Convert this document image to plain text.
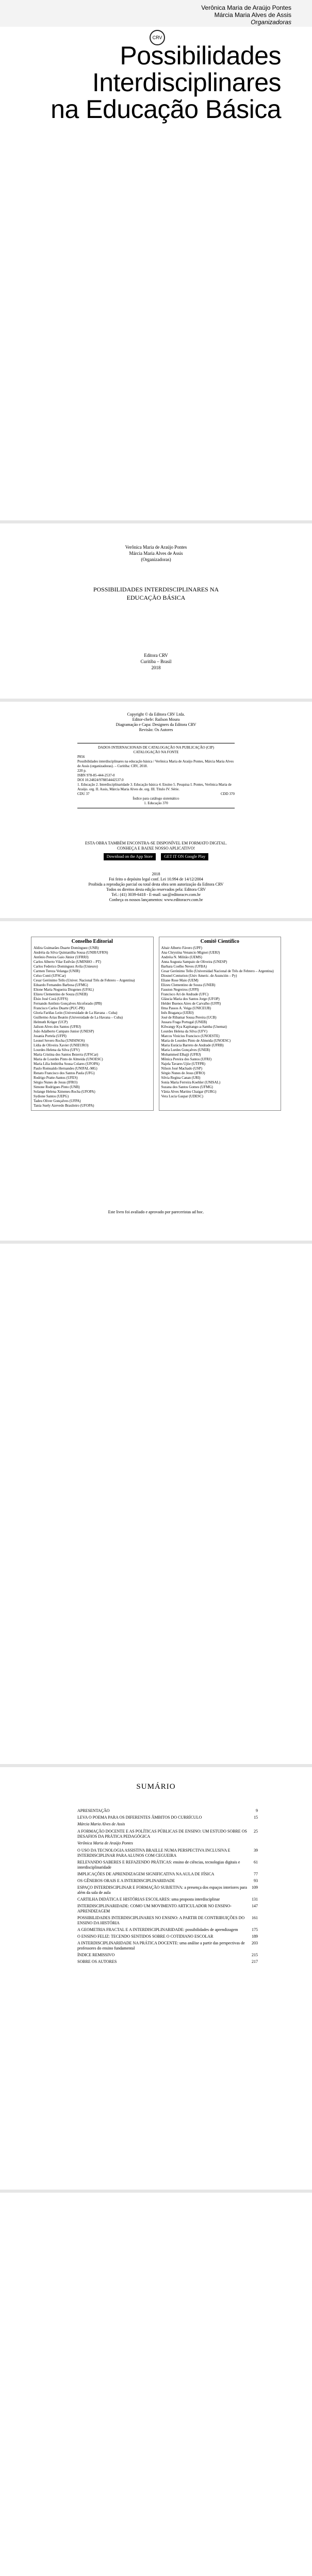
Verônica Maria de Araújo Pontes
Márcia Maria Alves de Assis
Organizadoras
CRV
Possibilidades
Interdisciplinares
na Educação Básica
Verônica Maria de Araújo Pontes
Márcia Maria Alves de Assis
(Organizadoras)
POSSIBILIDADES INTERDISCIPLINARES NA EDUCAÇÃO BÁSICA
Editora CRV
Curitiba – Brasil
2018
Copyright © da Editora CRV Ltda.
Editor-chefe: Railson Moura
Diagramação e Capa: Designers da Editora CRV
Revisão: Os Autores
DADOS INTERNACIONAIS DE CATALOGAÇÃO NA PUBLICAÇÃO (CIP)
CATALOGAÇÃO NA FONTE
P856
Possibilidades interdisciplinares na educação básica / Verônica Maria de Araújo Pontes, Márcia Maria Alves de Assis (organizadoras). – Curitiba: CRV, 2018.
220 p.
ISBN 978-85-444-2537-0
DOI 10.24824/978854442537.0
1. Educação 2. Interdisciplinaridade 3. Educação básica 4. Ensino 5. Pesquisa I. Pontes, Verônica Maria de Araújo. org. II. Assis, Márcia Maria Alves de. org. III. Título IV. Série.
CDU 37	CDD 370
Índice para catálogo sistemático
1. Educação 370
ESTA OBRA TAMBÉM ENCONTRA-SE DISPONÍVEL EM FORMATO DIGITAL.
CONHEÇA E BAIXE NOSSO APLICATIVO!
Download on the App Store	GET IT ON Google Play
2018
Foi feito o depósito legal conf. Lei 10.994 de 14/12/2004
Proibida a reprodução parcial ou total desta obra sem autorização da Editora CRV
Todos os direitos desta edição reservados pela: Editora CRV
Tel.: (41) 3039-6418 - E-mail: sac@editoracrv.com.br
Conheça os nossos lançamentos: www.editoracrv.com.br
Conselho Editorial
Aldira Guimarães Duarte Domínguez (UNB)
Andréia da Silva Quintanilha Sousa (UNIR/UFRN)
Antônio Pereira Gaio Júnior (UFRRJ)
Carlos Alberto Vilar Estêvão (UMINHO – PT)
Carlos Federico Dominguez Avila (Unieuro)
Carmen Tereza Velanga (UNIR)
Celso Conti (UFSCar)
Cesar Gerónimo Tello (Univer. Nacional Três de Febrero – Argentina)
Eduardo Fernandes Barbosa (UFMG)
Elione Maria Nogueira Diogenes (UFAL)
Elizeu Clementino de Souza (UNEB)
Élsio José Corá (UFFS)
Fernando Antônio Gonçalves Alcoforado (IPB)
Francisco Carlos Duarte (PUC-PR)
Gloria Fariñas León (Universidade de La Havana – Cuba)
Guillermo Arias Beatón (Universidade de La Havana – Cuba)
Helmuth Krüger (UCP)
Jailson Alves dos Santos (UFRJ)
João Adalberto Campato Junior (UNESP)
Josania Portela (UFPI)
Leonel Severo Rocha (UNISINOS)
Lídia de Oliveira Xavier (UNIEURO)
Lourdes Helena da Silva (UFV)
Maria Cristina dos Santos Bezerra (UFSCar)
Maria de Lourdes Pinto de Almeida (UNOESC)
Maria Lília Imbiriba Sousa Colares (UFOPA)
Paulo Romualdo Hernandes (UNIFAL-MG)
Renato Francisco dos Santos Paula (UFG)
Rodrigo Pratte-Santos (UFES)
Sérgio Nunes de Jesus (IFRO)
Simone Rodrigues Pinto (UNB)
Solange Helena Ximenes-Rocha (UFOPA)
Sydione Santos (UEPG)
Tadeu Oliver Gonçalves (UFPA)
Tania Suely Azevedo Brasileiro (UFOPA)
Comitê Científico
Altair Alberto Fávero (UPF)
Ana Chrystina Venancio Mignot (UERJ)
Andréia N. Militão (UEMS)
Anna Augusta Sampaio de Oliveira (UNESP)
Barbara Coelho Neves (UFBA)
Cesar Gerónimo Tello (Universidad Nacional de Três de Febrero – Argentina)
Diosnel Centurion (Univ Americ. de Asunción – Py)
Eliane Rose Maio (UEM)
Elizeu Clementino de Souza (UNEB)
Fauston Negreiros (UFPI)
Francisco Ari de Andrade (UFC)
Gláucia Maria dos Santos Jorge (UFOP)
Helder Buenos Aires de Carvalho (UFPI)
Ilma Passos A. Veiga (UNICEUB)
Inês Bragança (UERJ)
José de Ribamar Sousa Pereira (UCB)
Jussara Fraga Portugal (UNEB)
Kilwangy Kya Kapitango-a-Samba (Unemat)
Lourdes Helena da Silva (UFV)
Marcos Vinicius Francisco (UNOESTE)
Maria de Lourdes Pinto de Almeida (UNOESC)
Maria Eurácia Barreto de Andrade (UFRB)
Maria Lurdes Gonçalves (UNEB)
Mohammed Elhajji (UFRJ)
Mônica Pereira dos Santos (UFRJ)
Najela Tavares Ujiie (UTFPR)
Nilson José Machado (USP)
Sérgio Nunes de Jesus (IFRO)
Silvia Regina Canan (URI)
Sonia Maria Ferreira Koehler (UNISAL)
Suzana dos Santos Gomes (UFMG)
Vânia Alves Martins Chaigar (FURG)
Vera Lucia Gaspar (UDESC)
Este livro foi avaliado e aprovado por pareceristas ad hoc.
SUMÁRIO
APRESENTAÇÃO	9
LEVA O POEMA PARA OS DIFERENTES ÂMBITOS DO CURRÍCULO	15
Márcia Maria Alves de Assis
A FORMAÇÃO DOCENTE E AS POLÍTICAS PÚBLICAS DE ENSINO: UM ESTUDO SOBRE OS DESAFIOS DA PRÁTICA PEDAGÓGICA
25
Verônica Maria de Araújo Pontes
O USO DA TECNOLOGIA ASSISTIVA BRAILLE NUMA PERSPECTIVA INCLUSIVA E INTERDISCIPLINAR PARA ALUNOS COM CEGUEIRA
39
RELEVANDO SABERES E REFAZENDO PRÁTICAS: ensino de ciências, tecnologias digitais e interdisciplinaridade
61
IMPLICAÇÕES DE APRENDIZAGEM SIGNIFICATIVA NA AULA DE FÍSICA	77
OS GÊNEROS ORAIS E A INTERDISCIPLINARIDADE	93
ESPAÇO INTERDISCIPLINAR E FORMAÇÃO SUBJETIVA: a presença dos espaços interiores para além da sala de aula
109
CARTILHA DIDÁTICA E HISTÓRIAS ESCOLARES: uma proposta interdisciplinar	131
INTERDISCIPLINARIDADE: COMO UM MOVIMENTO ARTICULADOR NO ENSINO-APRENDIZAGEM
147
POSSIBILIDADES INTERDISCIPLINARES NO ENSINO: A PARTIR DE CONTRIBUIÇÕES DO ENSINO DA HISTÓRIA
161
A GEOMETRIA FRACTAL E A INTERDISCIPLINARIDADE: possibilidades de aprendizagem	175
O ENSINO FELIZ: TECENDO SENTIDOS SOBRE O COTIDIANO ESCOLAR	189
A INTERDISCIPLINARIDADE NA PRÁTICA DOCENTE: uma análise a partir das perspectivas de professores do ensino fundamental
203
ÍNDICE REMISSIVO	215
SOBRE OS AUTORES	217
